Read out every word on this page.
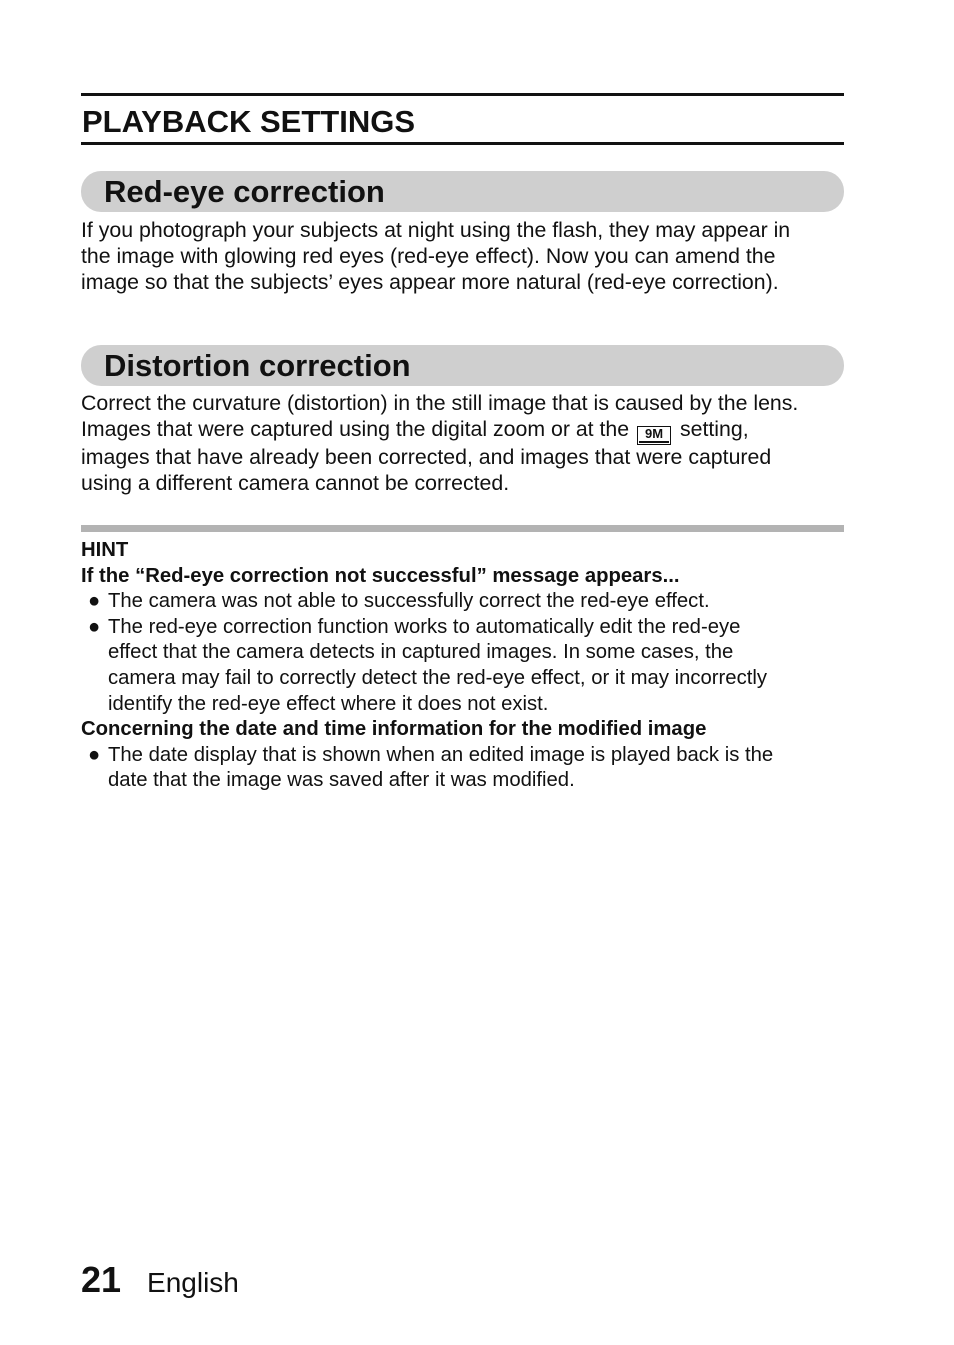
PLAYBACK SETTINGS
Red-eye correction
If you photograph your subjects at night using the flash, they may appear in
the image with glowing red eyes (red-eye effect). Now you can amend the
image so that the subjects’ eyes appear more natural (red-eye correction).
Distortion correction
Correct the curvature (distortion) in the still image that is caused by the lens.
Images that were captured using the digital zoom or at the 9M setting,
images that have already been corrected, and images that were captured
using a different camera cannot be corrected.
HINT
If the “Red-eye correction not successful” message appears...
● The camera was not able to successfully correct the red-eye effect.
● The red-eye correction function works to automatically edit the red-eye
effect that the camera detects in captured images. In some cases, the
camera may fail to correctly detect the red-eye effect, or it may incorrectly
identify the red-eye effect where it does not exist.
Concerning the date and time information for the modified image
● The date display that is shown when an edited image is played back is the
date that the image was saved after it was modified.
21 English
